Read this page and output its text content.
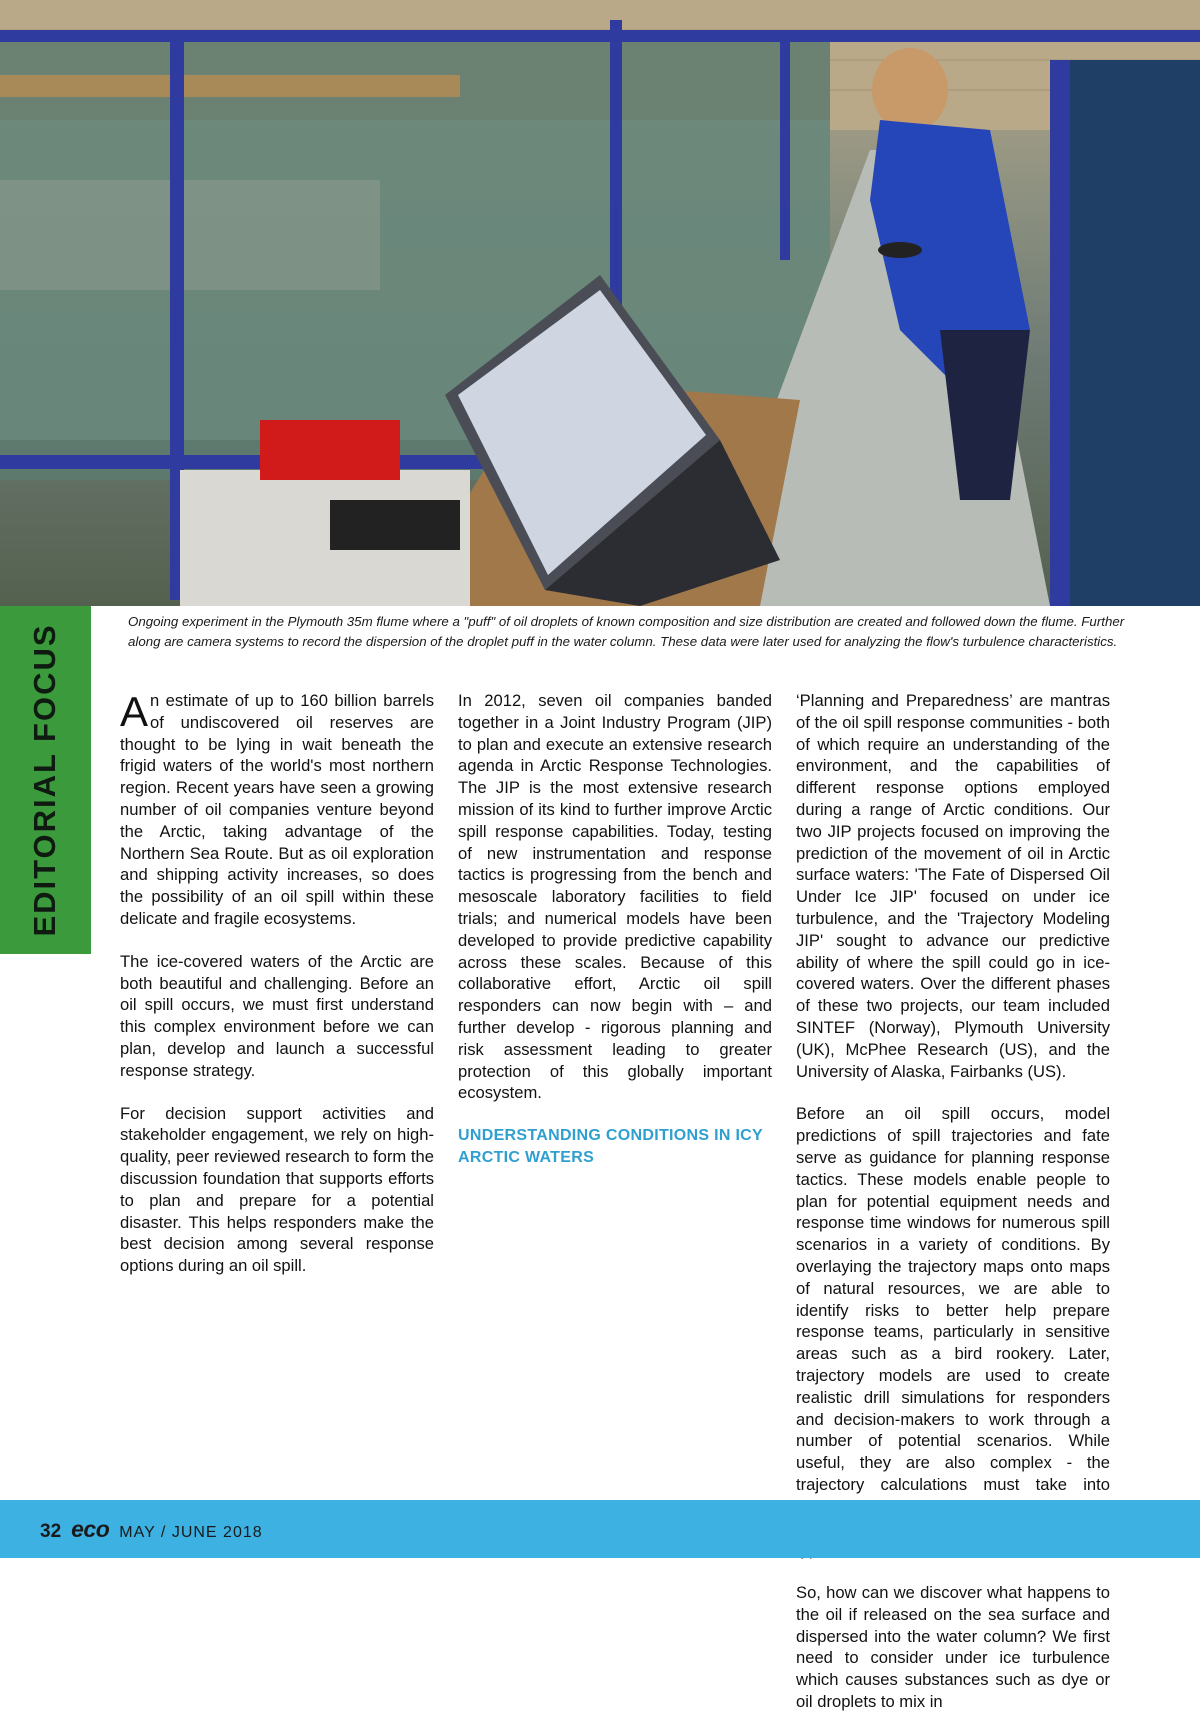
EDITORIAL FOCUS
Ongoing experiment in the Plymouth 35m flume where a "puff" of oil droplets of known composition and size distribution are created and followed down the flume. Further along are camera systems to record the dispersion of the droplet puff in the water column. These data were later used for analyzing the flow's turbulence characteristics.

An estimate of up to 160 billion barrels of undiscovered oil reserves are thought to be lying in wait beneath the frigid waters of the world's most northern region. Recent years have seen a growing number of oil companies venture beyond the Arctic, taking advantage of the Northern Sea Route. But as oil exploration and shipping activity increases, so does the possibility of an oil spill within these delicate and fragile ecosystems.

The ice-covered waters of the Arctic are both beautiful and challenging. Before an oil spill occurs, we must first understand this complex environment before we can plan, develop and launch a successful response strategy.

For decision support activities and stakeholder engagement, we rely on high-quality, peer reviewed research to form the discussion foundation that supports efforts to plan and prepare for a potential disaster. This helps responders make the best decision among several response options during an oil spill.

In 2012, seven oil companies banded together in a Joint Industry Program (JIP) to plan and execute an extensive research agenda in Arctic Response Technologies. The JIP is the most extensive research mission of its kind to further improve Arctic spill response capabilities. Today, testing of new instrumentation and response tactics is progressing from the bench and mesoscale laboratory facilities to field trials; and numerical models have been developed to provide predictive capability across these scales. Because of this collaborative effort, Arctic oil spill responders can now begin with – and further develop - rigorous planning and risk assessment leading to greater protection of this globally important ecosystem.

UNDERSTANDING CONDITIONS IN ICY ARCTIC WATERS

‘Planning and Preparedness’ are mantras of the oil spill response communities - both of which require an understanding of the environment, and the capabilities of different response options employed during a range of Arctic conditions. Our two JIP projects focused on improving the prediction of the movement of oil in Arctic surface waters: 'The Fate of Dispersed Oil Under Ice JIP' focused on under ice turbulence, and the 'Trajectory Modeling JIP' sought to advance our predictive ability of where the spill could go in ice-covered waters. Over the different phases of these two projects, our team included SINTEF (Norway), Plymouth University (UK), McPhee Research (US), and the University of Alaska, Fairbanks (US).

Before an oil spill occurs, model predictions of spill trajectories and fate serve as guidance for planning response tactics. These models enable people to plan for potential equipment needs and response time windows for numerous spill scenarios in a variety of conditions. By overlaying the trajectory maps onto maps of natural resources, we are able to identify risks to better help prepare response teams, particularly in sensitive areas such as a bird rookery. Later, trajectory models are used to create realistic drill simulations for responders and decision-makers to work through a number of potential scenarios. While useful, they are also complex - the trajectory calculations must take into

So, how can we discover what happens to the oil if released on the sea surface and dispersed into the water column? We first need to consider under ice turbulence which causes substances such as dye or oil droplets to mix in

32 eco MAY / JUNE 2018
